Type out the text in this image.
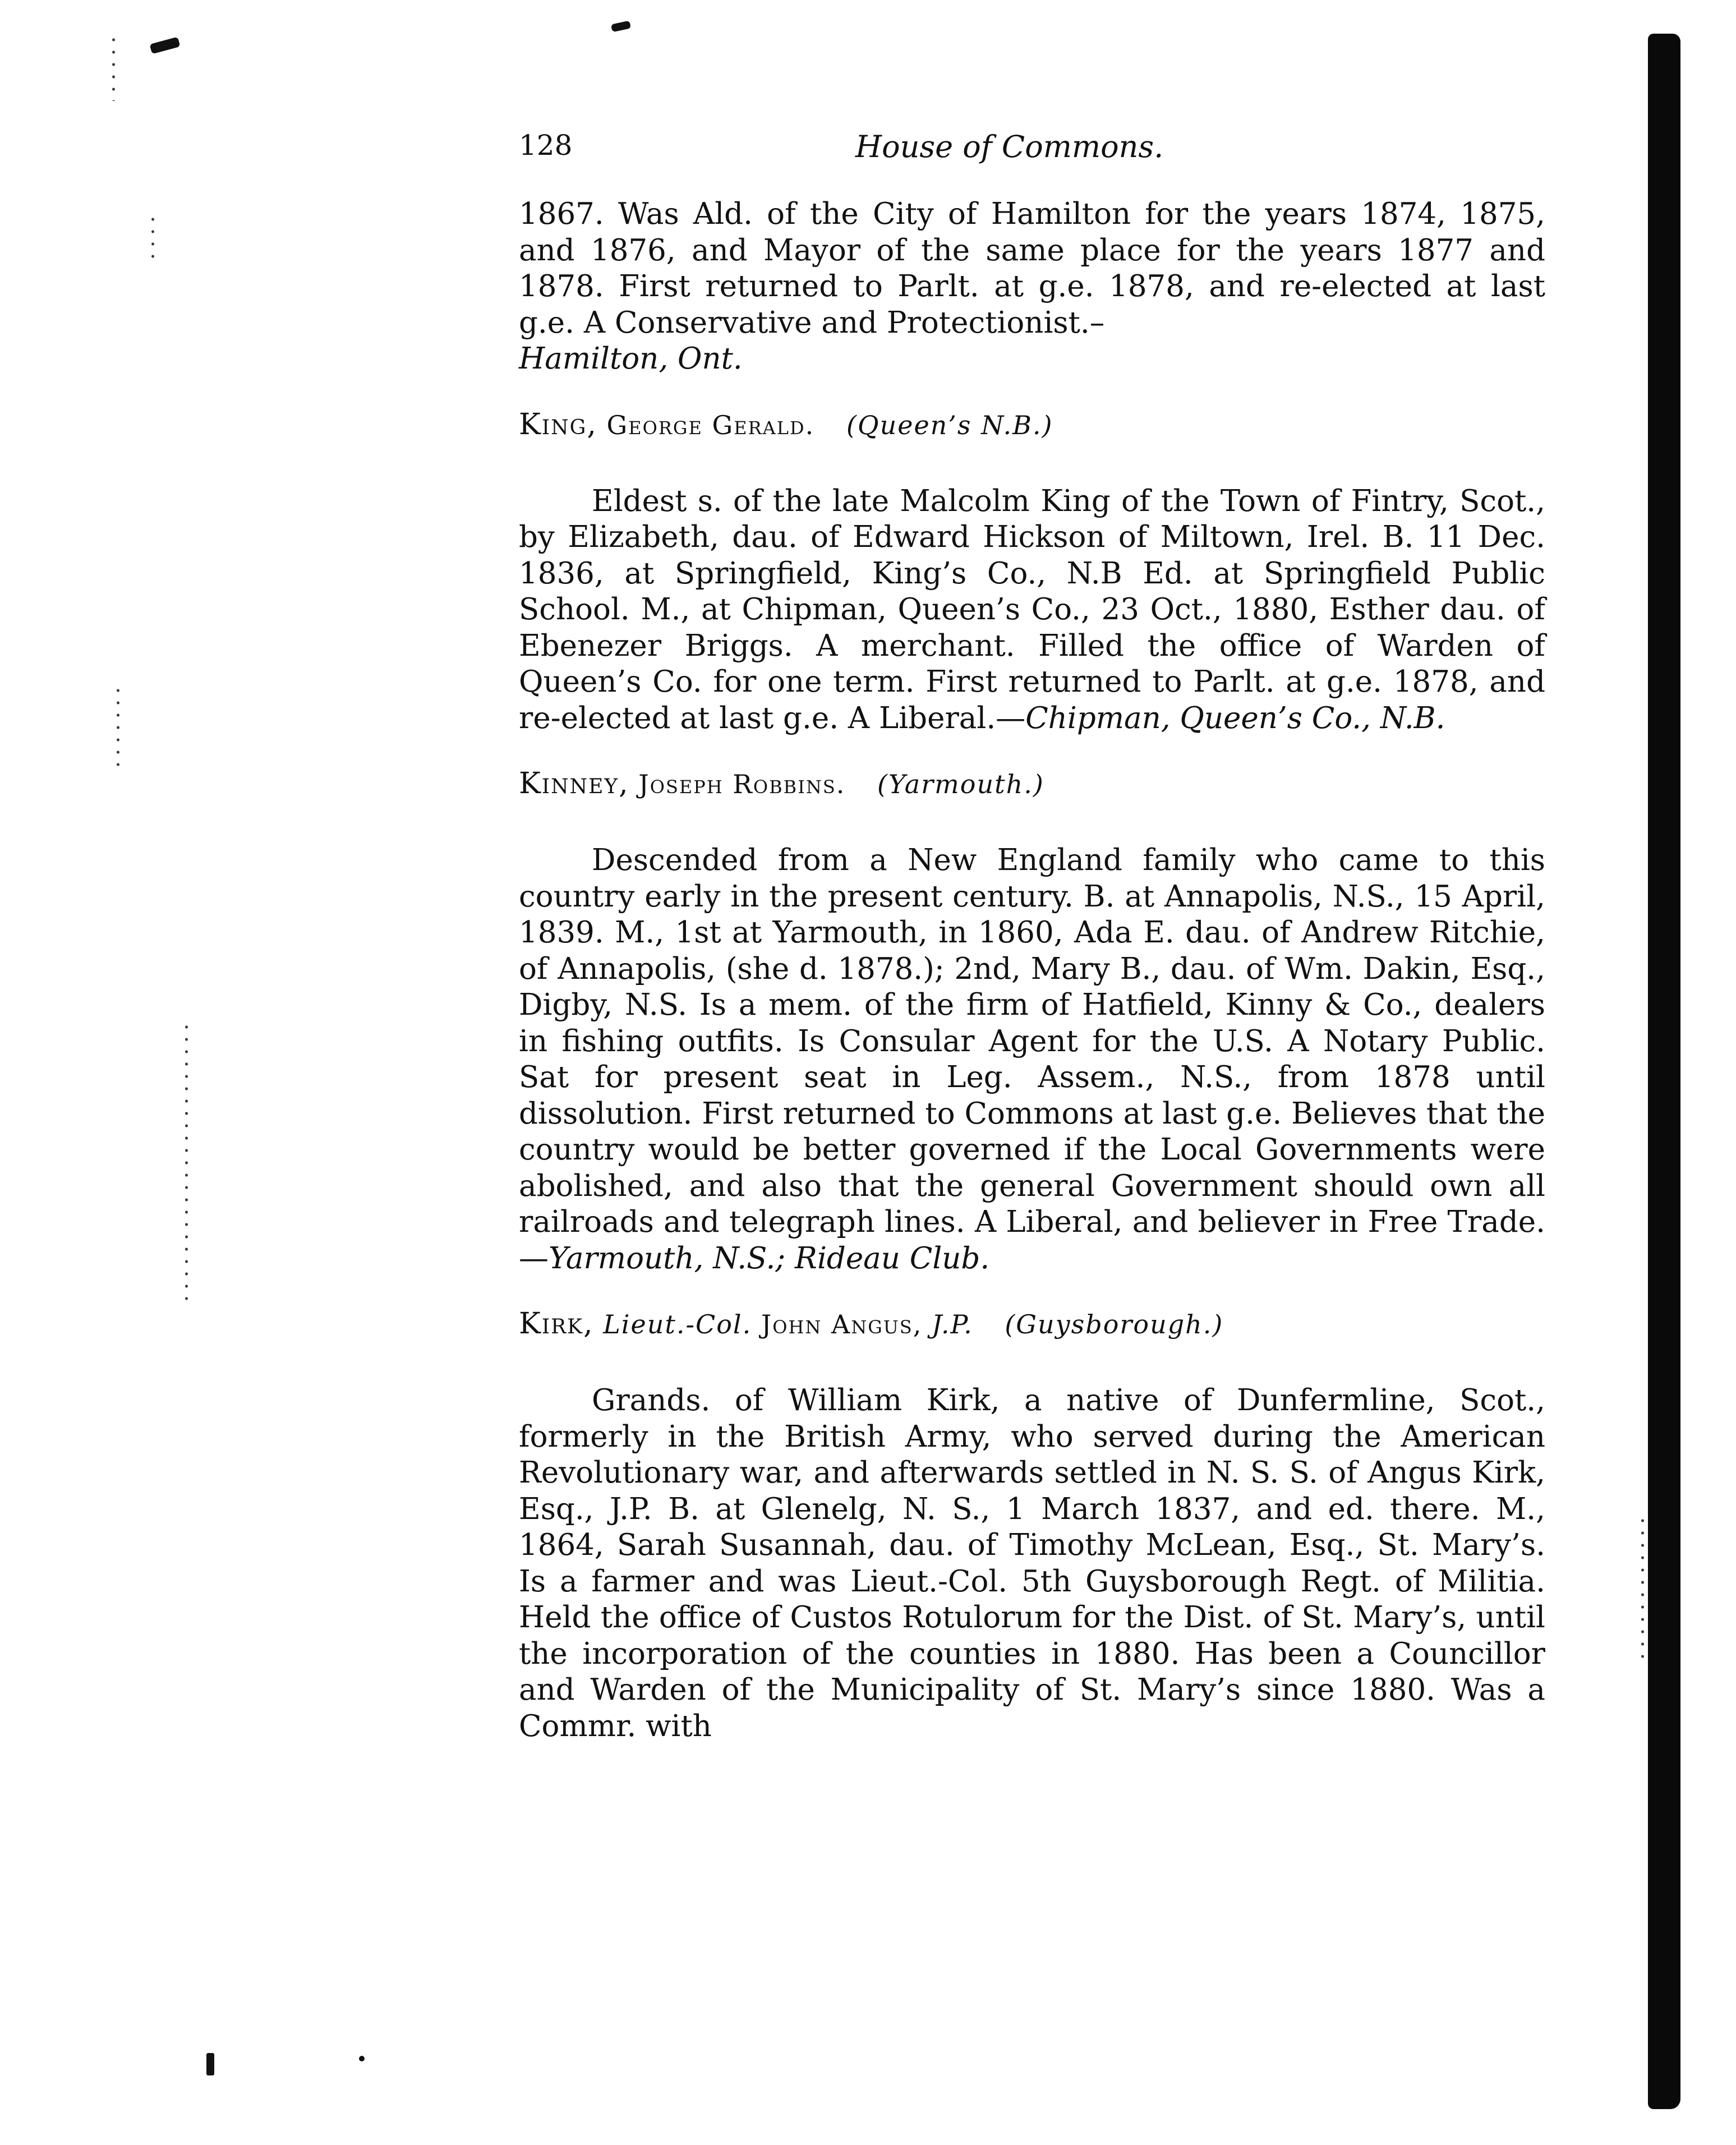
128	House of Commons.

1867. Was Ald. of the City of Hamilton for the years 1874, 1875, and 1876, and Mayor of the same place for the years 1877 and 1878. First returned to Parlt. at g.e. 1878, and re-elected at last g.e. A Conservative and Protectionist.–
Hamilton, Ont.

King, George Gerald. (Queen’s N.B.)

Eldest s. of the late Malcolm King of the Town of Fintry, Scot., by Elizabeth, dau. of Edward Hickson of Miltown, Irel. B. 11 Dec. 1836, at Springfield, King’s Co., N.B Ed. at Springfield Public School. M., at Chipman, Queen’s Co., 23 Oct., 1880, Esther dau. of Ebenezer Briggs. A merchant. Filled the office of Warden of Queen’s Co. for one term. First returned to Parlt. at g.e. 1878, and re-elected at last g.e. A Liberal.—Chipman, Queen’s Co., N.B.

Kinney, Joseph Robbins. (Yarmouth.)

Descended from a New England family who came to this country early in the present century. B. at Annapolis, N.S., 15 April, 1839. M., 1st at Yarmouth, in 1860, Ada E. dau. of Andrew Ritchie, of Annapolis, (she d. 1878.); 2nd, Mary B., dau. of Wm. Dakin, Esq., Digby, N.S. Is a mem. of the firm of Hatfield, Kinny & Co., dealers in fishing outfits. Is Consular Agent for the U.S. A Notary Public. Sat for present seat in Leg. Assem., N.S., from 1878 until dissolution. First returned to Commons at last g.e. Believes that the country would be better governed if the Local Governments were abolished, and also that the general Government should own all railroads and telegraph lines. A Liberal, and believer in Free Trade.—Yarmouth, N.S.; Rideau Club.

Kirk, Lieut.-Col. John Angus, J.P. (Guysborough.)

Grands. of William Kirk, a native of Dunfermline, Scot., formerly in the British Army, who served during the American Revolutionary war, and afterwards settled in N. S. S. of Angus Kirk, Esq., J.P. B. at Glenelg, N. S., 1 March 1837, and ed. there. M., 1864, Sarah Susannah, dau. of Timothy McLean, Esq., St. Mary’s. Is a farmer and was Lieut.-Col. 5th Guysborough Regt. of Militia. Held the office of Custos Rotulorum for the Dist. of St. Mary’s, until the incorporation of the counties in 1880. Has been a Councillor and Warden of the Municipality of St. Mary’s since 1880. Was a Commr. with
